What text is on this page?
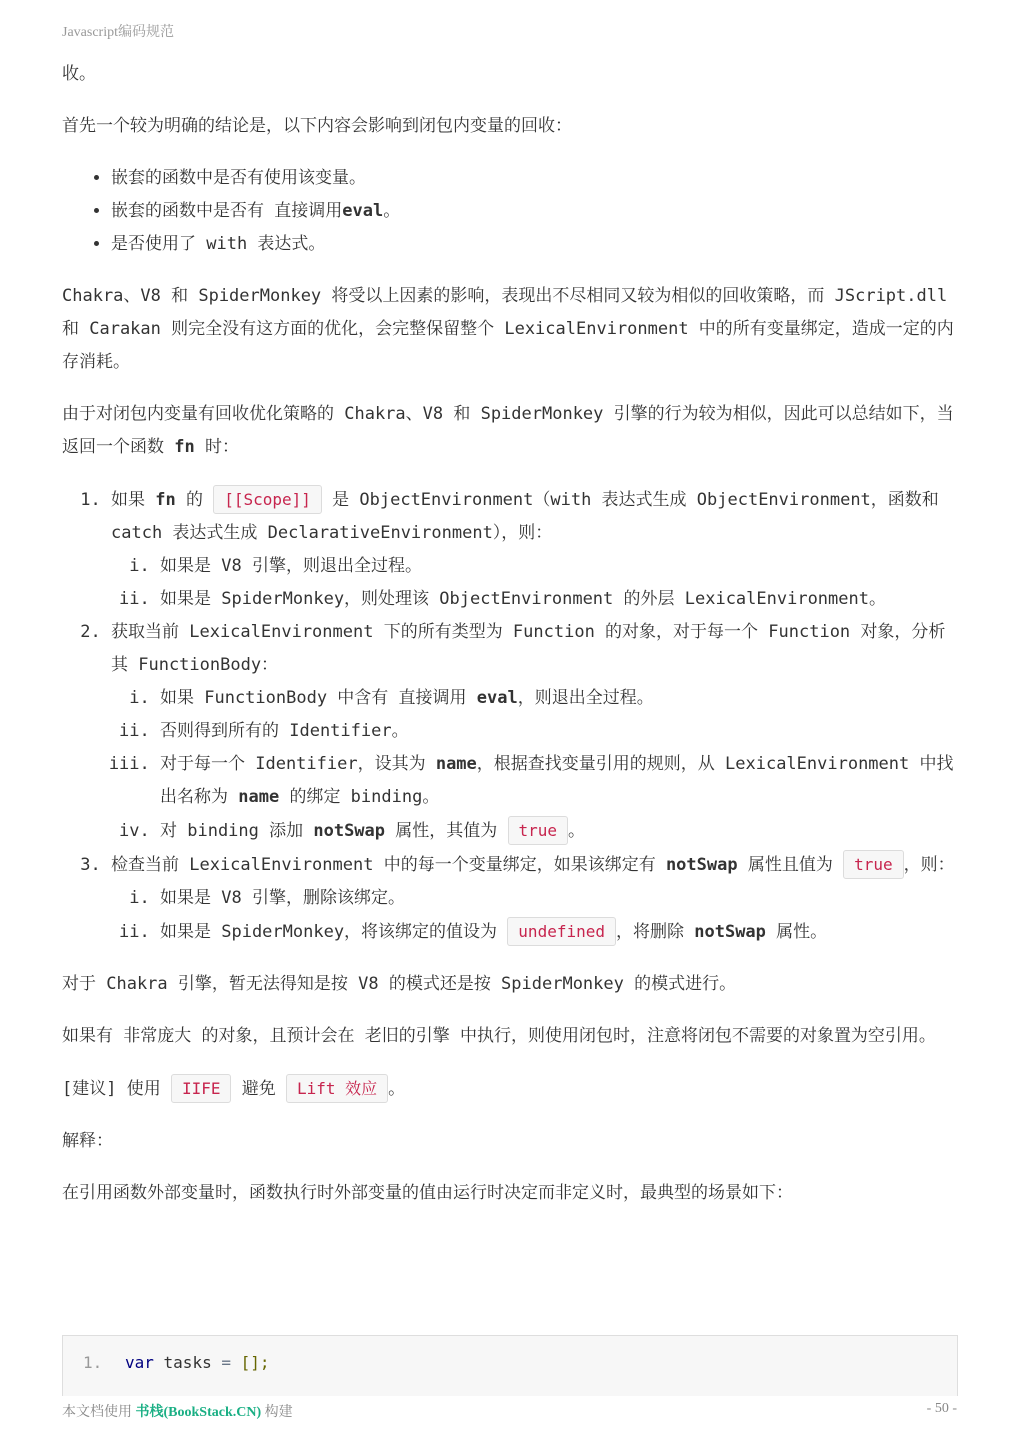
Javascript编码规范

收。

首先一个较为明确的结论是，以下内容会影响到闭包内变量的回收：

• 嵌套的函数中是否有使用该变量。
• 嵌套的函数中是否有 直接调用eval。
• 是否使用了 with 表达式。

Chakra、V8 和 SpiderMonkey 将受以上因素的影响，表现出不尽相同又较为相似的回收策略，而 JScript.dll 和 Carakan 则完全没有这方面的优化，会完整保留整个 LexicalEnvironment 中的所有变量绑定，造成一定的内存消耗。

由于对闭包内变量有回收优化策略的 Chakra、V8 和 SpiderMonkey 引擎的行为较为相似，因此可以总结如下，当返回一个函数 fn 时：

1. 如果 fn 的 [[Scope]] 是 ObjectEnvironment（with 表达式生成 ObjectEnvironment，函数和 catch 表达式生成 DeclarativeEnvironment），则：
i. 如果是 V8 引擎，则退出全过程。
ii. 如果是 SpiderMonkey，则处理该 ObjectEnvironment 的外层 LexicalEnvironment。
2. 获取当前 LexicalEnvironment 下的所有类型为 Function 的对象，对于每一个 Function 对象，分析其 FunctionBody：
i. 如果 FunctionBody 中含有 直接调用 eval，则退出全过程。
ii. 否则得到所有的 Identifier。
iii. 对于每一个 Identifier，设其为 name，根据查找变量引用的规则，从 LexicalEnvironment 中找出名称为 name 的绑定 binding。
iv. 对 binding 添加 notSwap 属性，其值为 true 。
3. 检查当前 LexicalEnvironment 中的每一个变量绑定，如果该绑定有 notSwap 属性且值为 true ，则：
i. 如果是 V8 引擎，删除该绑定。
ii. 如果是 SpiderMonkey，将该绑定的值设为 undefined ，将删除 notSwap 属性。

对于 Chakra 引擎，暂无法得知是按 V8 的模式还是按 SpiderMonkey 的模式进行。

如果有 非常庞大 的对象，且预计会在 老旧的引擎 中执行，则使用闭包时，注意将闭包不需要的对象置为空引用。

[建议] 使用 IIFE 避免 Lift 效应 。

解释：

在引用函数外部变量时，函数执行时外部变量的值由运行时决定而非定义时，最典型的场景如下：

1. var tasks = [];
本文档使用 书栈(BookStack.CN) 构建	- 50 -
